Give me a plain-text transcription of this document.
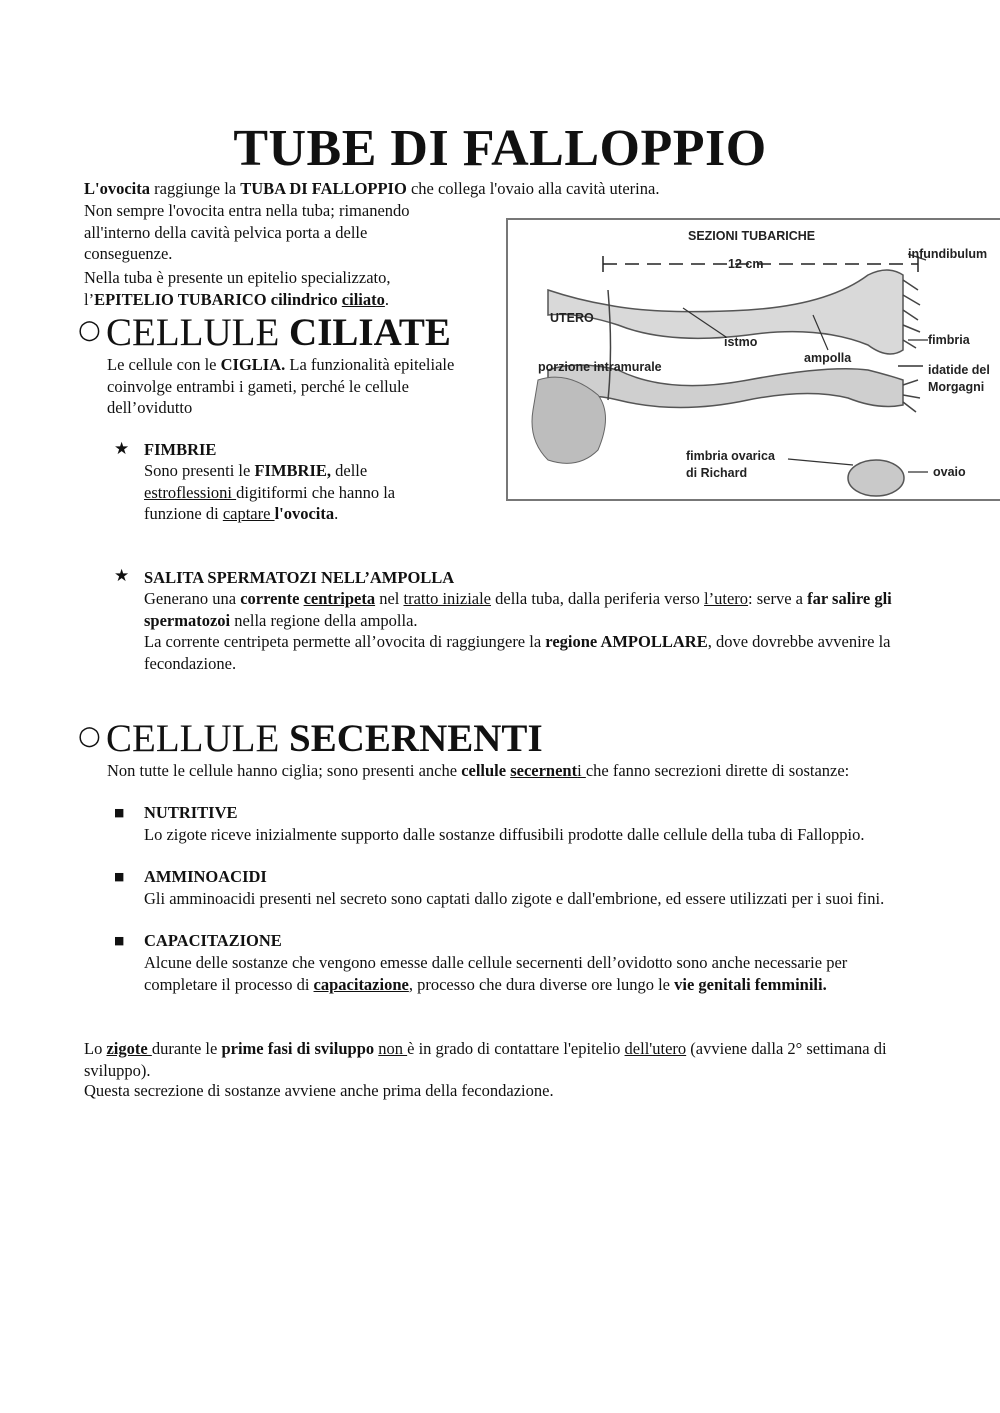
TUBE DI FALLOPPIO
L'ovocita raggiunge la TUBA DI FALLOPPIO che collega l'ovaio alla cavità uterina.
Non sempre l'ovocita entra nella tuba; rimanendo all'interno della cavità pelvica porta a delle conseguenze.
Nella tuba è presente un epitelio specializzato, l’EPITELIO TUBARICO cilindrico ciliato.
SEZIONI TUBARICHE
12 cm
infundibulum
UTERO
istmo	fimbria
ampolla
porzione intramurale	idatide del
Morgagni
fimbria ovarica
di Richard	ovaio
○ CELLULE CILIATE
Le cellule con le CIGLIA. La funzionalità epiteliale coinvolge entrambi i gameti, perché le cellule dell’ovidutto
★ FIMBRIE
Sono presenti le FIMBRIE, delle estroflessioni digitiformi che hanno la funzione di captare l'ovocita.
★ SALITA SPERMATOZI NELL’AMPOLLA
Generano una corrente centripeta nel tratto iniziale della tuba, dalla periferia verso l’utero: serve a far salire gli spermatozoi nella regione della ampolla.
La corrente centripeta permette all’ovocita di raggiungere la regione AMPOLLARE, dove dovrebbe avvenire la fecondazione.
○ CELLULE SECERNENTI
Non tutte le cellule hanno ciglia; sono presenti anche cellule secernenti che fanno secrezioni dirette di sostanze:
■ NUTRITIVE
Lo zigote riceve inizialmente supporto dalle sostanze diffusibili prodotte dalle cellule della tuba di Falloppio.
■ AMMINOACIDI
Gli amminoacidi presenti nel secreto sono captati dallo zigote e dall'embrione, ed essere utilizzati per i suoi fini.
■ CAPACITAZIONE
Alcune delle sostanze che vengono emesse dalle cellule secernenti dell’ovidotto sono anche necessarie per completare il processo di capacitazione, processo che dura diverse ore lungo le vie genitali femminili.
Lo zigote durante le prime fasi di sviluppo non è in grado di contattare l'epitelio dell'utero (avviene dalla 2° settimana di sviluppo).
Questa secrezione di sostanze avviene anche prima della fecondazione.
